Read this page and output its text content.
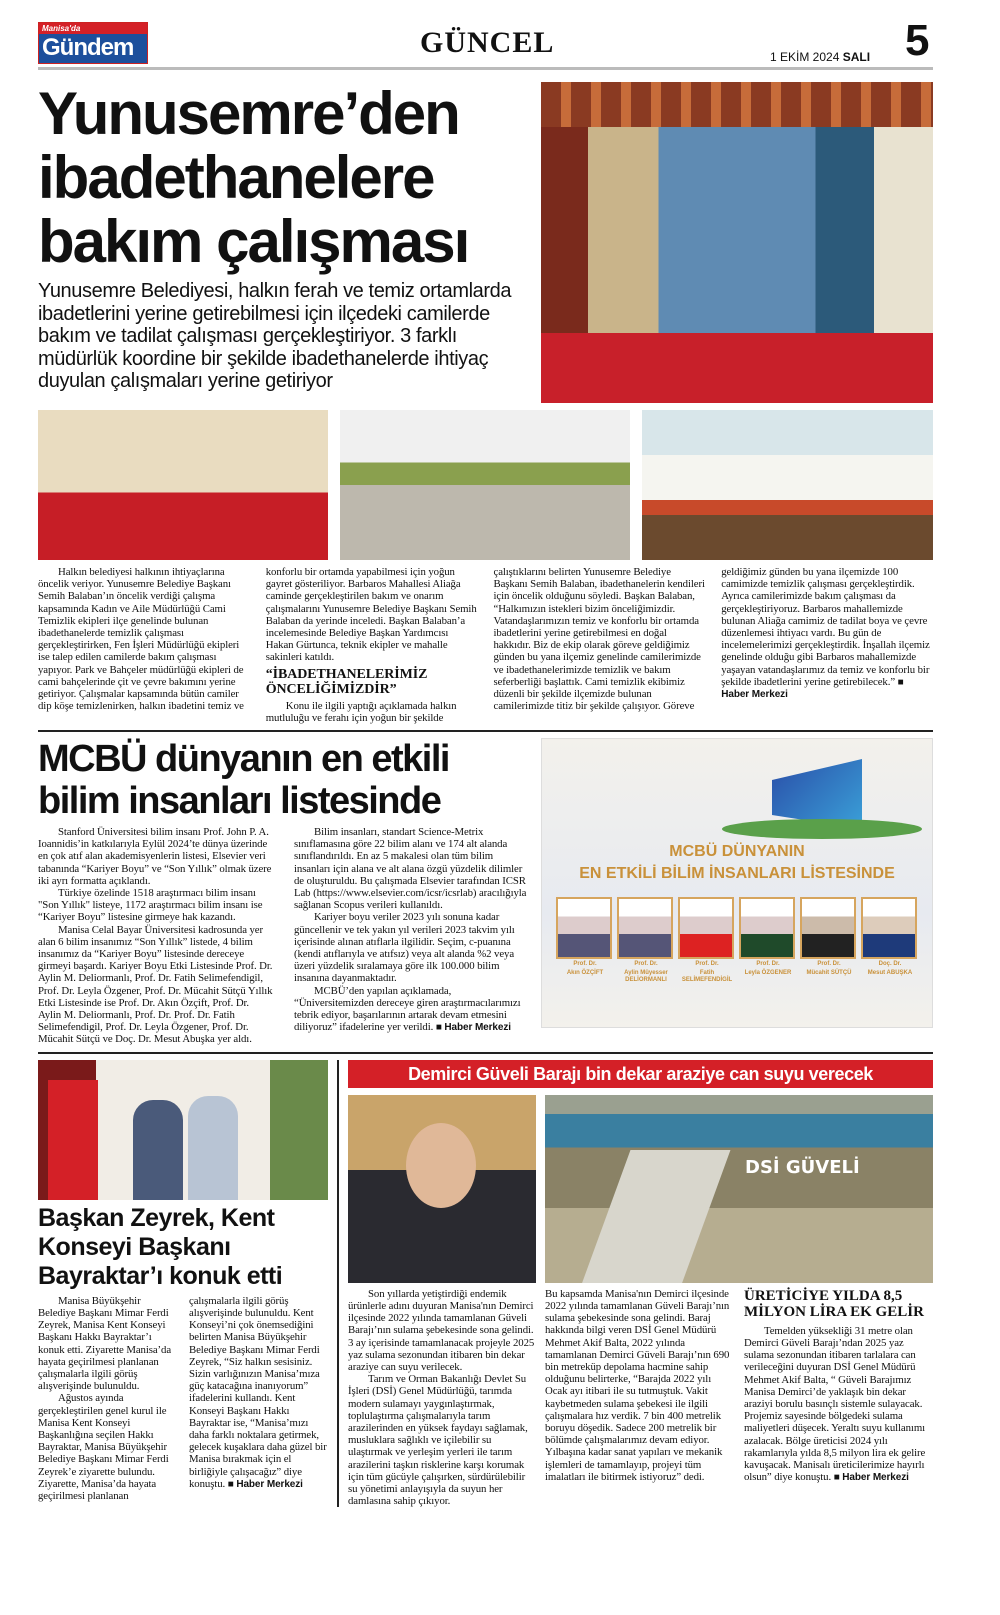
Manisa'da
Gündem	GÜNCEL	1 EKİM 2024 SALI 5
Yunusemre’den ibadethanelere bakım çalışması
Yunusemre Belediyesi, halkın ferah ve temiz ortamlarda ibadetlerini yerine getirebilmesi için ilçedeki camilerde bakım ve tadilat çalışması gerçekleştiriyor. 3 farklı müdürlük koordine bir şekilde ibadethanelerde ihtiyaç duyulan çalışmaları yerine getiriyor

Halkın belediyesi halkının ihtiyaçlarına öncelik veriyor. Yunusemre Belediye Başkanı Semih Balaban’ın öncelik verdiği çalışma kapsamında Kadın ve Aile Müdürlüğü Cami Temizlik ekipleri ilçe genelinde bulunan ibadethanelerde temizlik çalışması gerçekleştirirken, Fen İşleri Müdürlüğü ekipleri ise talep edilen camilerde bakım çalışması yapıyor. Park ve Bahçeler müdürlüğü ekipleri de cami bahçelerinde çit ve çevre bakımını yerine getiriyor. Çalışmalar kapsamında bütün camiler dip köşe temizlenirken, halkın ibadetini temiz ve konforlu bir ortamda yapabilmesi için yoğun gayret gösteriliyor. Barbaros Mahallesi Aliağa caminde gerçekleştirilen bakım ve onarım çalışmalarını Yunusemre Belediye Başkanı Semih Balaban da yerinde inceledi. Başkan Balaban’a incelemesinde Belediye Başkan Yardımcısı Hakan Gürtunca, teknik ekipler ve mahalle sakinleri katıldı.

“İBADETHANELERİMİZ ÖNCELİĞİMİZDİR”

Konu ile ilgili yaptığı açıklamada halkın mutluluğu ve ferahı için yoğun bir şekilde çalıştıklarını belirten Yunusemre Belediye Başkanı Semih Balaban, ibadethanelerin kendileri için öncelik olduğunu söyledi. Başkan Balaban, “Halkımızın istekleri bizim önceliğimizdir. Vatandaşlarımızın temiz ve konforlu bir ortamda ibadetlerini yerine getirebilmesi en doğal hakkıdır. Biz de ekip olarak göreve geldiğimiz günden bu yana ilçemiz genelinde camilerimizde ve ibadethanelerimizde temizlik ve bakım seferberliği başlattık. Cami temizlik ekibimiz düzenli bir şekilde ilçemizde bulunan camilerimizde titiz bir şekilde çalışıyor. Göreve geldiğimiz günden bu yana ilçemizde 100 camimizde temizlik çalışması gerçekleştirdik. Ayrıca camilerimizde bakım çalışması da gerçekleştiriyoruz. Barbaros mahallemizde bulunan Aliağa camimiz de tadilat boya ve çevre düzenlemesi ihtiyacı vardı. Bu gün de incelemelerimizi gerçekleştirdik. İnşallah ilçemiz genelinde olduğu gibi Barbaros mahallemizde yaşayan vatandaşlarımız da temiz ve konforlu bir şekilde ibadetlerini yerine getirebilecek.” ■ Haber Merkezi

MCBÜ dünyanın en etkili bilim insanları listesinde

Stanford Üniversitesi bilim insanı Prof. John P. A. Ioannidis’in katkılarıyla Eylül 2024’te dünya üzerinde en çok atıf alan akademisyenlerin listesi, Elsevier veri tabanında “Kariyer Boyu” ve “Son Yıllık” olmak üzere iki ayrı formatta açıklandı.

Türkiye özelinde 1518 araştırmacı bilim insanı "Son Yıllık" listeye, 1172 araştırmacı bilim insanı ise “Kariyer Boyu” listesine girmeye hak kazandı.

Manisa Celal Bayar Üniversitesi kadrosunda yer alan 6 bilim insanımız “Son Yıllık” listede, 4 bilim insanımız da “Kariyer Boyu” listesinde dereceye girmeyi başardı. Kariyer Boyu Etki Listesinde Prof. Dr. Aylin M. Deliormanlı, Prof. Dr. Fatih Selimefendigil, Prof. Dr. Leyla Özgener, Prof. Dr. Mücahit Sütçü Yıllık Etki Listesinde ise Prof. Dr. Akın Özçift, Prof. Dr. Aylin M. Deliormanlı, Prof. Dr. Prof. Dr. Fatih Selimefendigil, Prof. Dr. Leyla Özgener, Prof. Dr. Mücahit Sütçü ve Doç. Dr. Mesut Abuşka yer aldı.

Bilim insanları, standart Science-Metrix sınıflamasına göre 22 bilim alanı ve 174 alt alanda sınıflandırıldı. En az 5 makalesi olan tüm bilim insanları için alana ve alt alana özgü yüzdelik dilimler de oluşturuldu. Bu çalışmada Elsevier tarafından ICSR Lab (https://www.elsevier.com/icsr/icsrlab) aracılığıyla sağlanan Scopus verileri kullanıldı.

Kariyer boyu veriler 2023 yılı sonuna kadar güncellenir ve tek yakın yıl verileri 2023 takvim yılı içerisinde alınan atıflarla ilgilidir. Seçim, c-puanına (kendi atıflarıyla ve atıfsız) veya alt alanda %2 veya üzeri yüzdelik sıralamaya göre ilk 100.000 bilim insanına dayanmaktadır.

MCBÜ’den yapılan açıklamada, “Üniversitemizden dereceye giren araştırmacılarımızı tebrik ediyor, başarılarının artarak devam etmesini diliyoruz” ifadelerine yer verildi. ■ Haber Merkezi

MCBÜ DÜNYANIN
EN ETKİLİ BİLİM İNSANLARI LİSTESİNDE
Prof. Dr.
Akın ÖZÇİFT
Prof. Dr.
Aylin Müyesser DELİORMANLI
Prof. Dr.
Fatih SELİMEFENDİGİL
Prof. Dr.
Leyla ÖZGENER
Prof. Dr.
Mücahit SÜTÇÜ
Doç. Dr.
Mesut ABUŞKA
Başkan Zeyrek, Kent Konseyi Başkanı Bayraktar’ı konuk etti

Manisa Büyükşehir Belediye Başkanı Mimar Ferdi Zeyrek, Manisa Kent Konseyi Başkanı Hakkı Bayraktar’ı konuk etti. Ziyarette Manisa’da hayata geçirilmesi planlanan çalışmalarla ilgili görüş alışverişinde bulunuldu.

Ağustos ayında gerçekleştirilen genel kurul ile Manisa Kent Konseyi Başkanlığına seçilen Hakkı Bayraktar, Manisa Büyükşehir Belediye Başkanı Mimar Ferdi Zeyrek’e ziyarette bulundu. Ziyarette, Manisa’da hayata geçirilmesi planlanan çalışmalarla ilgili görüş alışverişinde bulunuldu. Kent Konseyi’ni çok önemsediğini belirten Manisa Büyükşehir Belediye Başkanı Mimar Ferdi Zeyrek, “Siz halkın sesisiniz. Sizin varlığınızın Manisa’mıza güç katacağına inanıyorum” ifadelerini kullandı. Kent Konseyi Başkanı Hakkı Bayraktar ise, “Manisa’mızı daha farklı noktalara getirmek, gelecek kuşaklara daha güzel bir Manisa bırakmak için el birliğiyle çalışacağız” diye konuştu. ■ Haber Merkezi

Demirci Güveli Barajı bin dekar araziye can suyu verecek
DSİ GÜVELİ

Son yıllarda yetiştirdiği endemik ürünlerle adını duyuran Manisa'nın Demirci ilçesinde 2022 yılında tamamlanan Güveli Barajı’nın sulama şebekesinde sona gelindi. 3 ay içerisinde tamamlanacak projeyle 2025 yaz sulama sezonundan itibaren bin dekar araziye can suyu verilecek.

Tarım ve Orman Bakanlığı Devlet Su İşleri (DSİ) Genel Müdürlüğü, tarımda modern sulamayı yaygınlaştırmak, toplulaştırma çalışmalarıyla tarım arazilerinden en yüksek faydayı sağlamak, musluklara sağlıklı ve içilebilir su ulaştırmak ve yerleşim yerleri ile tarım arazilerini taşkın risklerine karşı korumak için tüm gücüyle çalışırken, sürdürülebilir su yönetimi anlayışıyla da suyun her damlasına sahip çıkıyor.

Bu kapsamda Manisa'nın Demirci ilçesinde 2022 yılında tamamlanan Güveli Barajı’nın sulama şebekesinde sona gelindi. Baraj hakkında bilgi veren DSİ Genel Müdürü Mehmet Akif Balta, 2022 yılında tamamlanan Demirci Güveli Barajı’nın 690 bin metreküp depolama hacmine sahip olduğunu belirterke, “Barajda 2022 yılı Ocak ayı itibari ile su tutmuştuk. Vakit kaybetmeden sulama şebekesi ile ilgili çalışmalara hız verdik. 7 bin 400 metrelik boruyu döşedik. Sadece 200 metrelik bir bölümde çalışmalarımız devam ediyor. Yılbaşına kadar sanat yapıları ve mekanik işlemleri de tamamlayıp, projeyi tüm imalatları ile bitirmek istiyoruz” dedi.

ÜRETİCİYE YILDA 8,5 MİLYON LİRA EK GELİR

Temelden yüksekliği 31 metre olan Demirci Güveli Barajı’ndan 2025 yaz sulama sezonundan itibaren tarlalara can verileceğini duyuran DSİ Genel Müdürü Mehmet Akif Balta, “ Güveli Barajımız Manisa Demirci’de yaklaşık bin dekar araziyi borulu basınçlı sistemle sulayacak. Projemiz sayesinde bölgedeki sulama maliyetleri düşecek. Yeraltı suyu kullanımı azalacak. Bölge üreticisi 2024 yılı rakamlarıyla yılda 8,5 milyon lira ek gelire kavuşacak. Manisalı üreticilerimize hayırlı olsun” diye konuştu. ■ Haber Merkezi
